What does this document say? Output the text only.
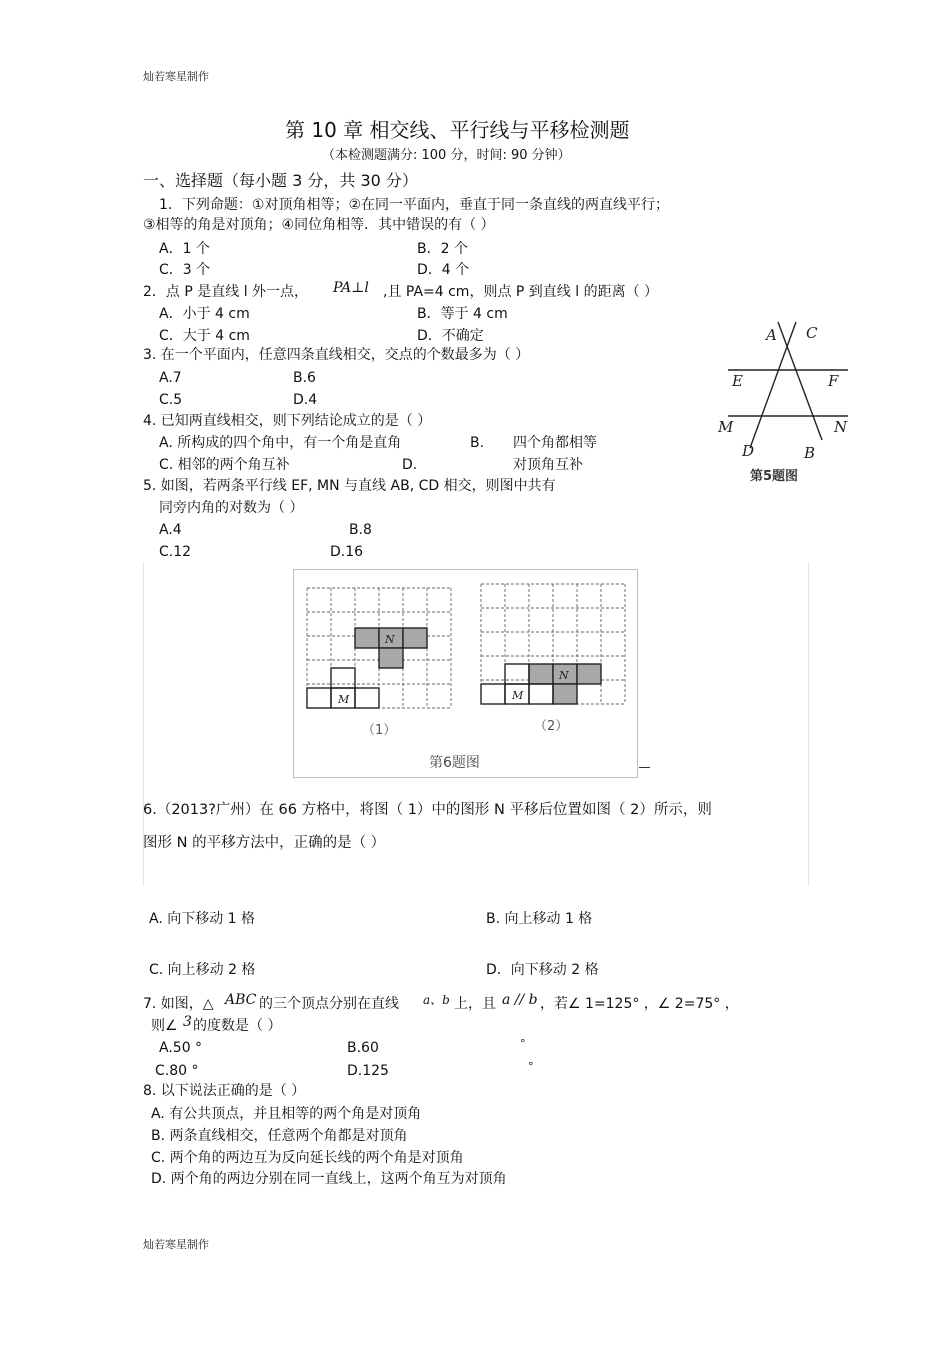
灿若寒星制作
灿若寒星制作
第 10 章 相交线、平行线与平移检测题
（本检测题满分: 100 分，时间: 90 分钟）
一、选择题（每小题 3 分，共 30 分）
1．下列命题：①对顶角相等；②在同一平面内，垂直于同一条直线的两直线平行；
③相等的角是对顶角；④同位角相等．其中错误的有（ ）
A．1 个	B．2 个
C．3 个	D．4 个
2．点 P 是直线 l 外一点， PA⊥l ,且 PA=4 cm，则点 P 到直线 l 的距离（ ）
A．小于 4 cm	B．等于 4 cm
C．大于 4 cm	D．不确定
3. 在一个平面内，任意四条直线相交，交点的个数最多为（ ）
A.7	B.6
C.5	D.4
4. 已知两直线相交，则下列结论成立的是（ ）
A. 所构成的四个角中，有一个角是直角	B. 四个角都相等
C. 相邻的两个角互补	D.	对顶角互补
5. 如图，若两条平行线 EF, MN 与直线 AB, CD 相交，则图中共有
同旁内角的对数为（ ）
A.4	B.8
C.12	D.16
A C
E	F
M	N
D	B
第5题图
N
M
N
M
（1）	（2）
第6题图
6.（2013?广州）在 66 方格中，将图（ 1）中的图形 N 平移后位置如图（ 2）所示，则
图形 N 的平移方法中，正确的是（ ）
A. 向下移动 1 格	B. 向上移动 1 格
C. 向上移动 2 格	D．向下移动 2 格
7. 如图，△ ABC 的三个顶点分别在直线 a、b 上，且 a // b ，若∠ 1=125° ，∠ 2=75° ，
则∠ 3 的度数是（ ）
A.50 °	B.60	°
C.80 °	D.125	°
8. 以下说法正确的是（ ）
A. 有公共顶点，并且相等的两个角是对顶角
B. 两条直线相交，任意两个角都是对顶角
C. 两个角的两边互为反向延长线的两个角是对顶角
D. 两个角的两边分别在同一直线上，这两个角互为对顶角
